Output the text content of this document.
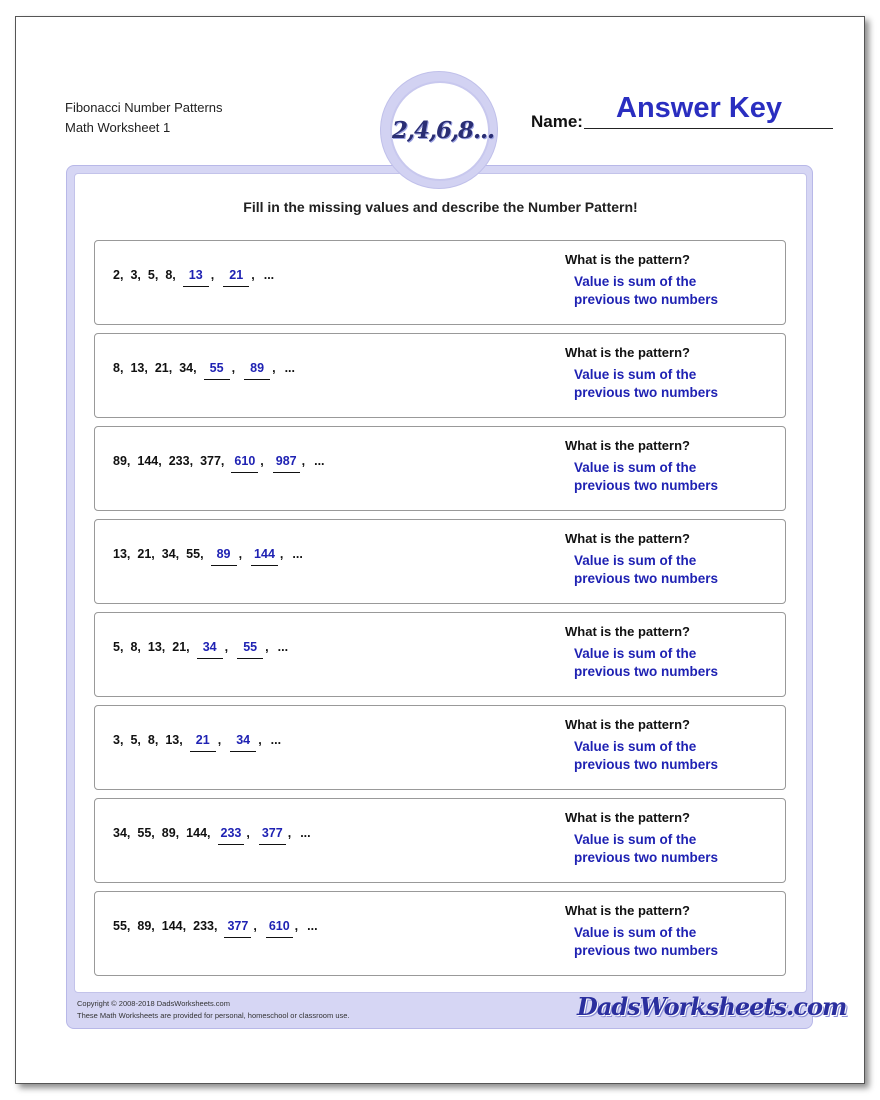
Fibonacci Number Patterns
Math Worksheet 1	Name: Answer Key
Fill in the missing values and describe the Number Pattern!
2, 3, 5, 8, 13 , 21 , ...
What is the pattern?
Value is sum of the
previous two numbers
8, 13, 21, 34, 55 , 89 , ...
What is the pattern?
Value is sum of the
previous two numbers
89, 144, 233, 377, 610 , 987 , ...
What is the pattern?
Value is sum of the
previous two numbers
13, 21, 34, 55, 89 , 144 , ...
What is the pattern?
Value is sum of the
previous two numbers
5, 8, 13, 21, 34 , 55 , ...
What is the pattern?
Value is sum of the
previous two numbers
3, 5, 8, 13, 21 , 34 , ...
What is the pattern?
Value is sum of the
previous two numbers
34, 55, 89, 144, 233 , 377 , ...
What is the pattern?
Value is sum of the
previous two numbers
55, 89, 144, 233, 377 , 610 , ...
What is the pattern?
Value is sum of the
previous two numbers
Copyright © 2008-2018 DadsWorksheets.com
These Math Worksheets are provided for personal, homeschool or classroom use.	DadsWorksheets.com
2,4,6,8...
